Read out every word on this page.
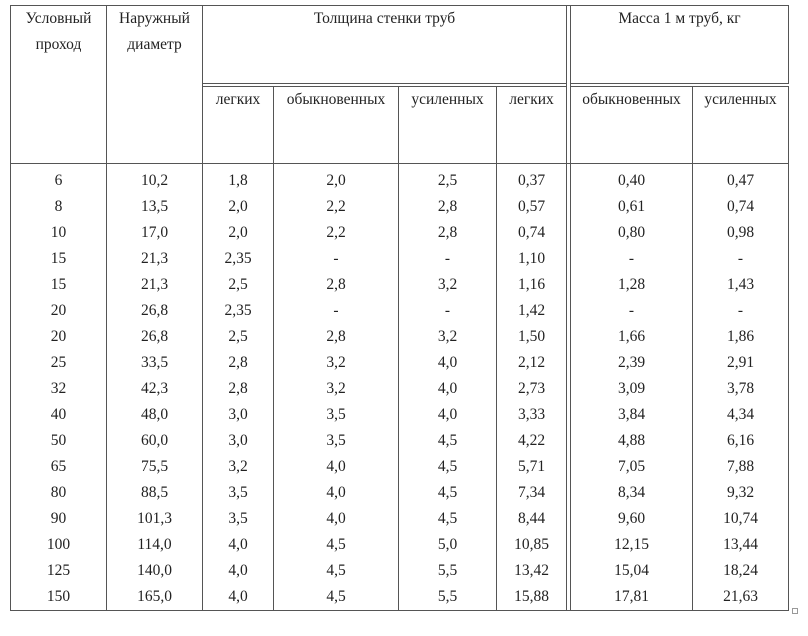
Условный проход	Наружный диаметр	Толщина стенки труб					Масса 1 м труб, кг	

		легких	обыкновенных	усиленных	легких		обыкновенных	усиленных
6	10,2	1,8	2,0	2,5	0,37		0,40	0,47
8	13,5	2,0	2,2	2,8	0,57		0,61	0,74
10	17,0	2,0	2,2	2,8	0,74		0,80	0,98
15	21,3	2,35	-	-	1,10		-	-
15	21,3	2,5	2,8	3,2	1,16		1,28	1,43
20	26,8	2,35	-	-	1,42		-	-
20	26,8	2,5	2,8	3,2	1,50		1,66	1,86
25	33,5	2,8	3,2	4,0	2,12		2,39	2,91
32	42,3	2,8	3,2	4,0	2,73		3,09	3,78
40	48,0	3,0	3,5	4,0	3,33		3,84	4,34
50	60,0	3,0	3,5	4,5	4,22		4,88	6,16
65	75,5	3,2	4,0	4,5	5,71		7,05	7,88
80	88,5	3,5	4,0	4,5	7,34		8,34	9,32
90	101,3	3,5	4,0	4,5	8,44		9,60	10,74
100	114,0	4,0	4,5	5,0	10,85		12,15	13,44
125	140,0	4,0	4,5	5,5	13,42		15,04	18,24
150	165,0	4,0	4,5	5,5	15,88		17,81	21,63
